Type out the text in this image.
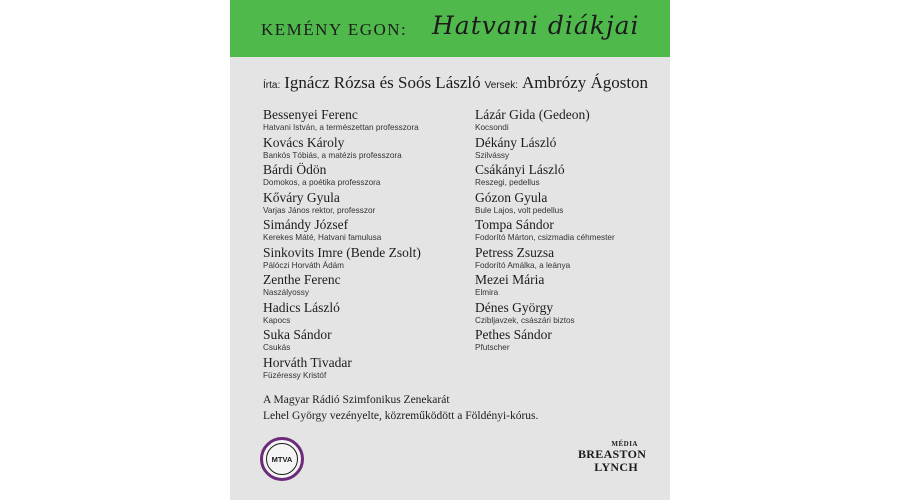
KEMÉNY EGON: Hatvani diákjai
Írta: Ignácz Rózsa és Soós László Versek: Ambrózy Ágoston
Bessenyei Ferenc
Hatvani István, a természettan professzora
Kovács Károly
Bankós Tóbiás, a matézis professzora
Bárdi Ödön
Domokos, a poétika professzora
Kőváry Gyula
Varjas János rektor, professzor
Simándy József
Kerekes Máté, Hatvani famulusa
Sinkovits Imre (Bende Zsolt)
Pálóczi Horváth Ádám
Zenthe Ferenc
Naszályossy
Hadics László
Kapocs
Suka Sándor
Csukás
Horváth Tivadar
Füzéressy Kristóf
Lázár Gida (Gedeon)
Kocsondi
Dékány László
Szilvássy
Csákányi László
Reszegi, pedellus
Gózon Gyula
Bule Lajos, volt pedellus
Tompa Sándor
Fodorító Márton, csizmadia céhmester
Petress Zsuzsa
Fodorító Amálka, a leánya
Mezei Mária
Elmira
Dénes György
Czibljavzek, császári biztos
Pethes Sándor
Pfutscher
A Magyar Rádió Szimfonikus Zenekarát
Lehel György vezényelte, közreműködött a Földényi-kórus.
MTVA
MÉDIA
BREASTON
LYNCH
